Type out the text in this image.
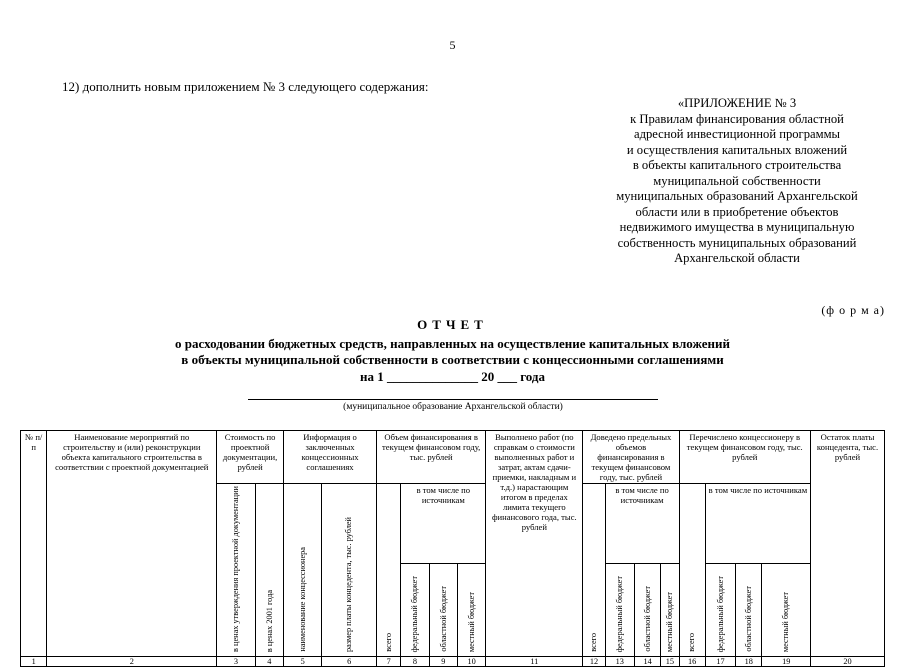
5
12) дополнить новым приложением № 3 следующего содержания:
«ПРИЛОЖЕНИЕ № 3
к Правилам финансирования областной
адресной инвестиционной программы
и осуществления капитальных вложений
в объекты капитального строительства
муниципальной собственности
муниципальных образований Архангельской
области или в приобретение объектов
недвижимого имущества в муниципальную
собственность муниципальных образований
Архангельской области
(ф о р м а)
ОТЧЕТ
о расходовании бюджетных средств, направленных на осуществление капитальных вложений
в объекты муниципальной собственности в соответствии с концессионными соглашениями
на 1 ______________ 20 ___ года
(муниципальное образование Архангельской области)
№ п/п	Наименование мероприятий по строительству и (или) реконструкции объекта капитального строительства в соответствии с проектной документацией	Стоимость по проектной документации, рублей		Информация о заключенных концессионных соглашениях		Объем финансирования в текущем финансовом году, тыс. рублей				Выполнено работ (по справкам о стоимости выполненных работ и затрат, актам сдачи-приемки, накладным и т.д.) нарастающим итогом в пределах лимита текущего финансового года, тыс. рублей	Доведено предельных объемов финансирования в текущем финансовом году, тыс. рублей				Перечислено концессионеру в текущем финансовом году, тыс. рублей				Остаток платы концедента, тыс. рублей
		в ценах утверждения проектной документации	в ценах 2001 года	наименование концессионера	размер платы концедента, тыс. рублей	всего	в том числе по источникам				всего	в том числе по источникам			всего	в том числе по источникам			
							федеральный бюджет	областной бюджет	местный бюджет			федеральный бюджет	областной бюджет	местный бюджет		федеральный бюджет	областной бюджет	местный бюджет	
1	2	3	4	5	6	7	8	9	10	11	12	13	14	15	16	17	18	19	20
